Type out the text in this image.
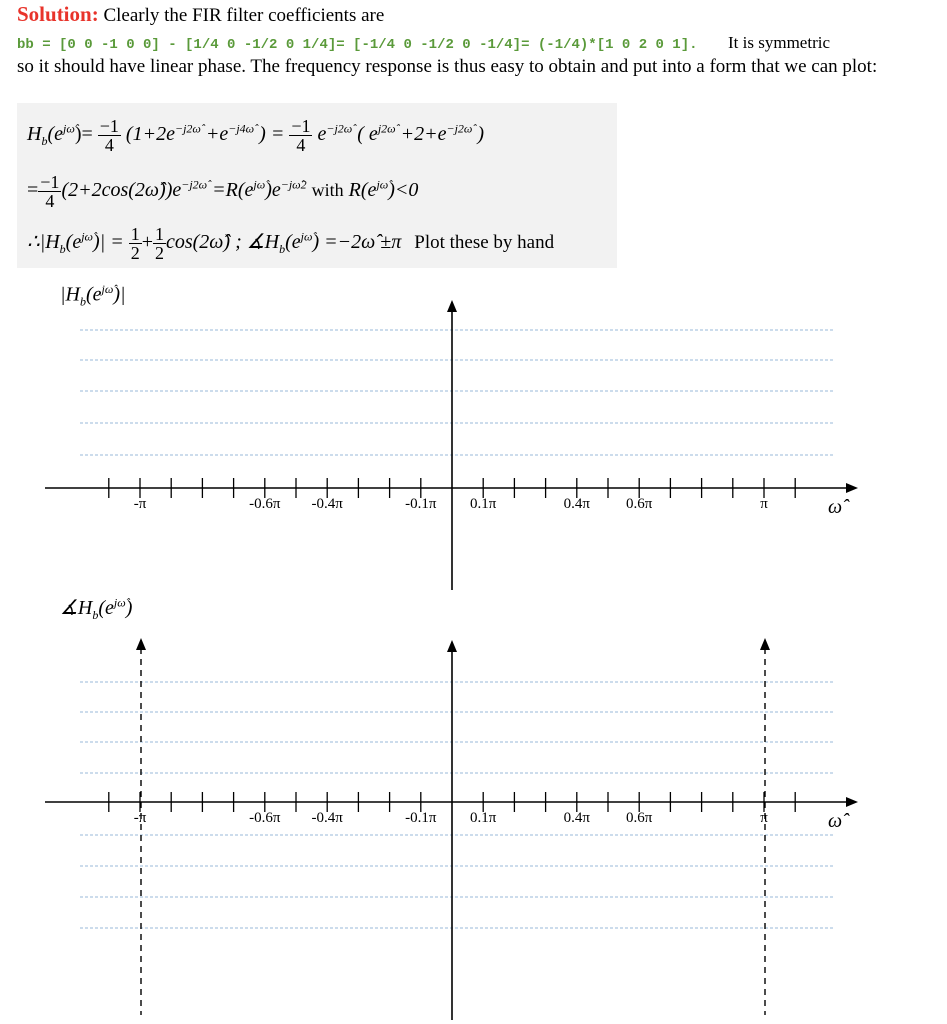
Solution: Clearly the FIR filter coefficients are
bb = [0 0 -1 0 0] - [1/4 0 -1/2 0 1/4]= [-1/4 0 -1/2 0 -1/4]= (-1/4)*[1 0 2 0 1]. It is symmetric
so it should have linear phase. The frequency response is thus easy to obtain and put into a form that we can plot:
$H_b(e^{j\omegâ})= \frac{-1}{4} (1+2e^{-j2\omegâ} +e^{-j4\omegâ}$ ) = $\frac{-1}{4} e^{-j2\omegâ}$ ( $e^{j2\omegâ} +2+e^{-j2\omegâ}$ )
= $\frac{-1}{4}$ $(2+2\cos(2\omegâ))e^{-j2\omegâ} =R(e^{j\omegâ})e^{-j\omegâ2}$ with $R(e^{j\omegâ})<0$
$\therefore|H_b(e^{j\omegâ})| = \frac{1}{2} + \frac{1}{2}$ cos(2ω̂) ; $∡H_b(e^{j\omegâ})$ =−2ω̂ ±π Plot these by hand
$|H_b(e^{j\omegâ})|$
-π	-0.6π -0.4π	-0.1π 0.1π	0.4π 0.6π	π	ω̂
$∡H_b(e^{j\omegâ})$
-π	-0.6π -0.4π	-0.1π 0.1π	0.4π 0.6π	π	ω̂
